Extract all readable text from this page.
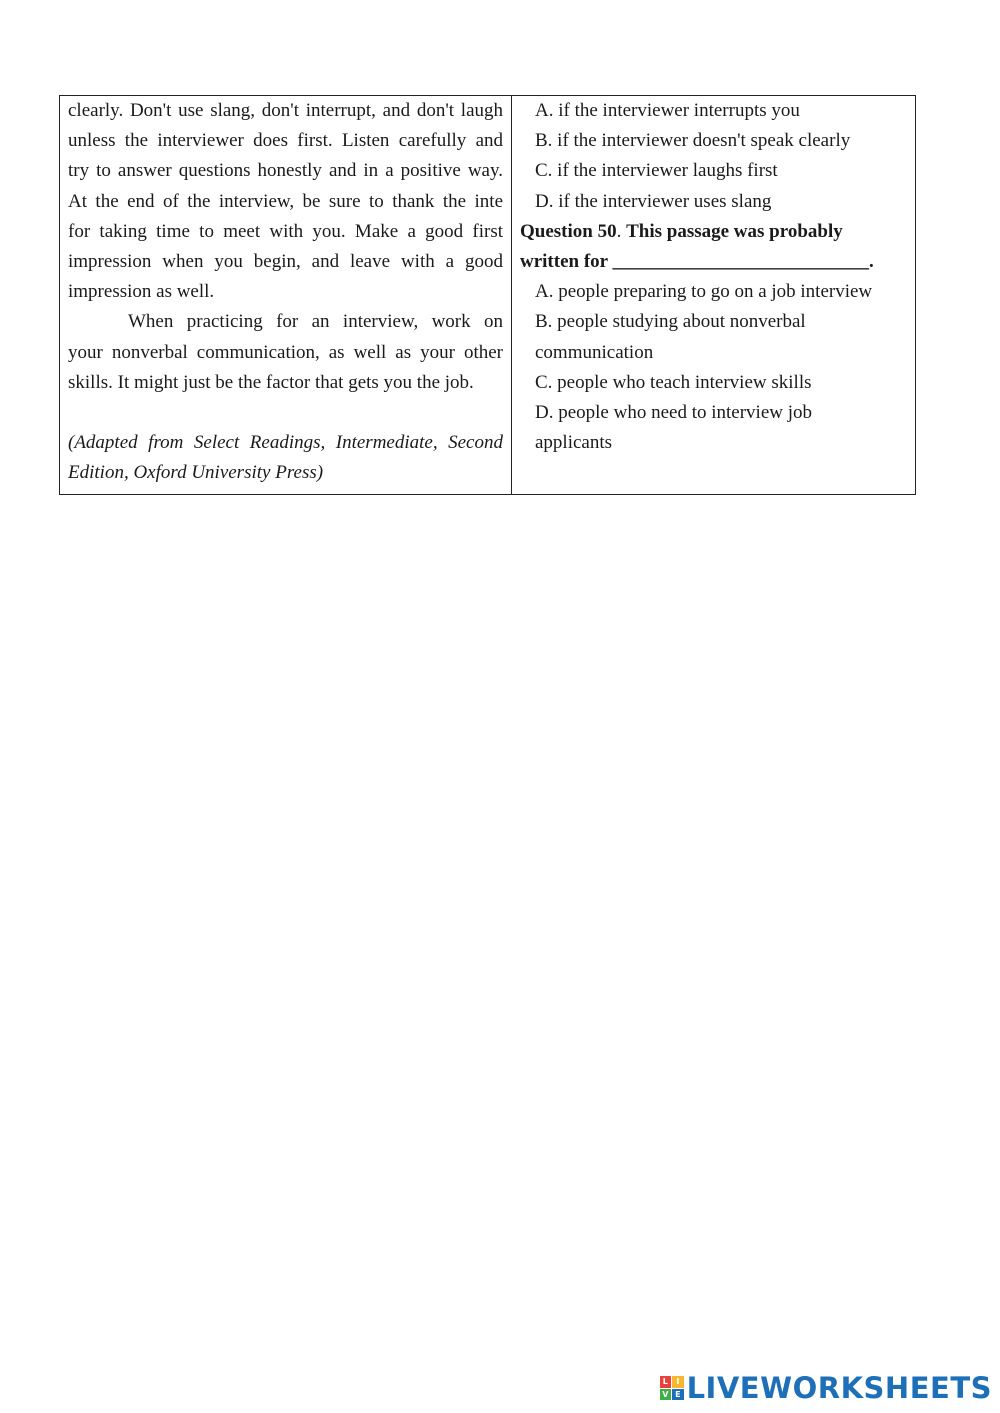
clearly. Don't use slang, don't interrupt, and don't laugh
unless the interviewer does first. Listen carefully and
try to answer questions honestly and in a positive way.
At the end of the interview, be sure to thank the inte
for taking time to meet with you. Make a good first
impression when you begin, and leave with a good
impression as well.
When practicing for an interview, work on
your nonverbal communication, as well as your other
skills. It might just be the factor that gets you the job.
(Adapted from Select Readings, Intermediate, Second
Edition, Oxford University Press)
A. if the interviewer interrupts you
B. if the interviewer doesn't speak clearly
C. if the interviewer laughs first
D. if the interviewer uses slang
Question 50. This passage was probably
written for ___________________________.
A. people preparing to go on a job interview
B. people studying about nonverbal
communication
C. people who teach interview skills
D. people who need to interview job
applicants
L	I
V E LIVEWORKSHEETS
